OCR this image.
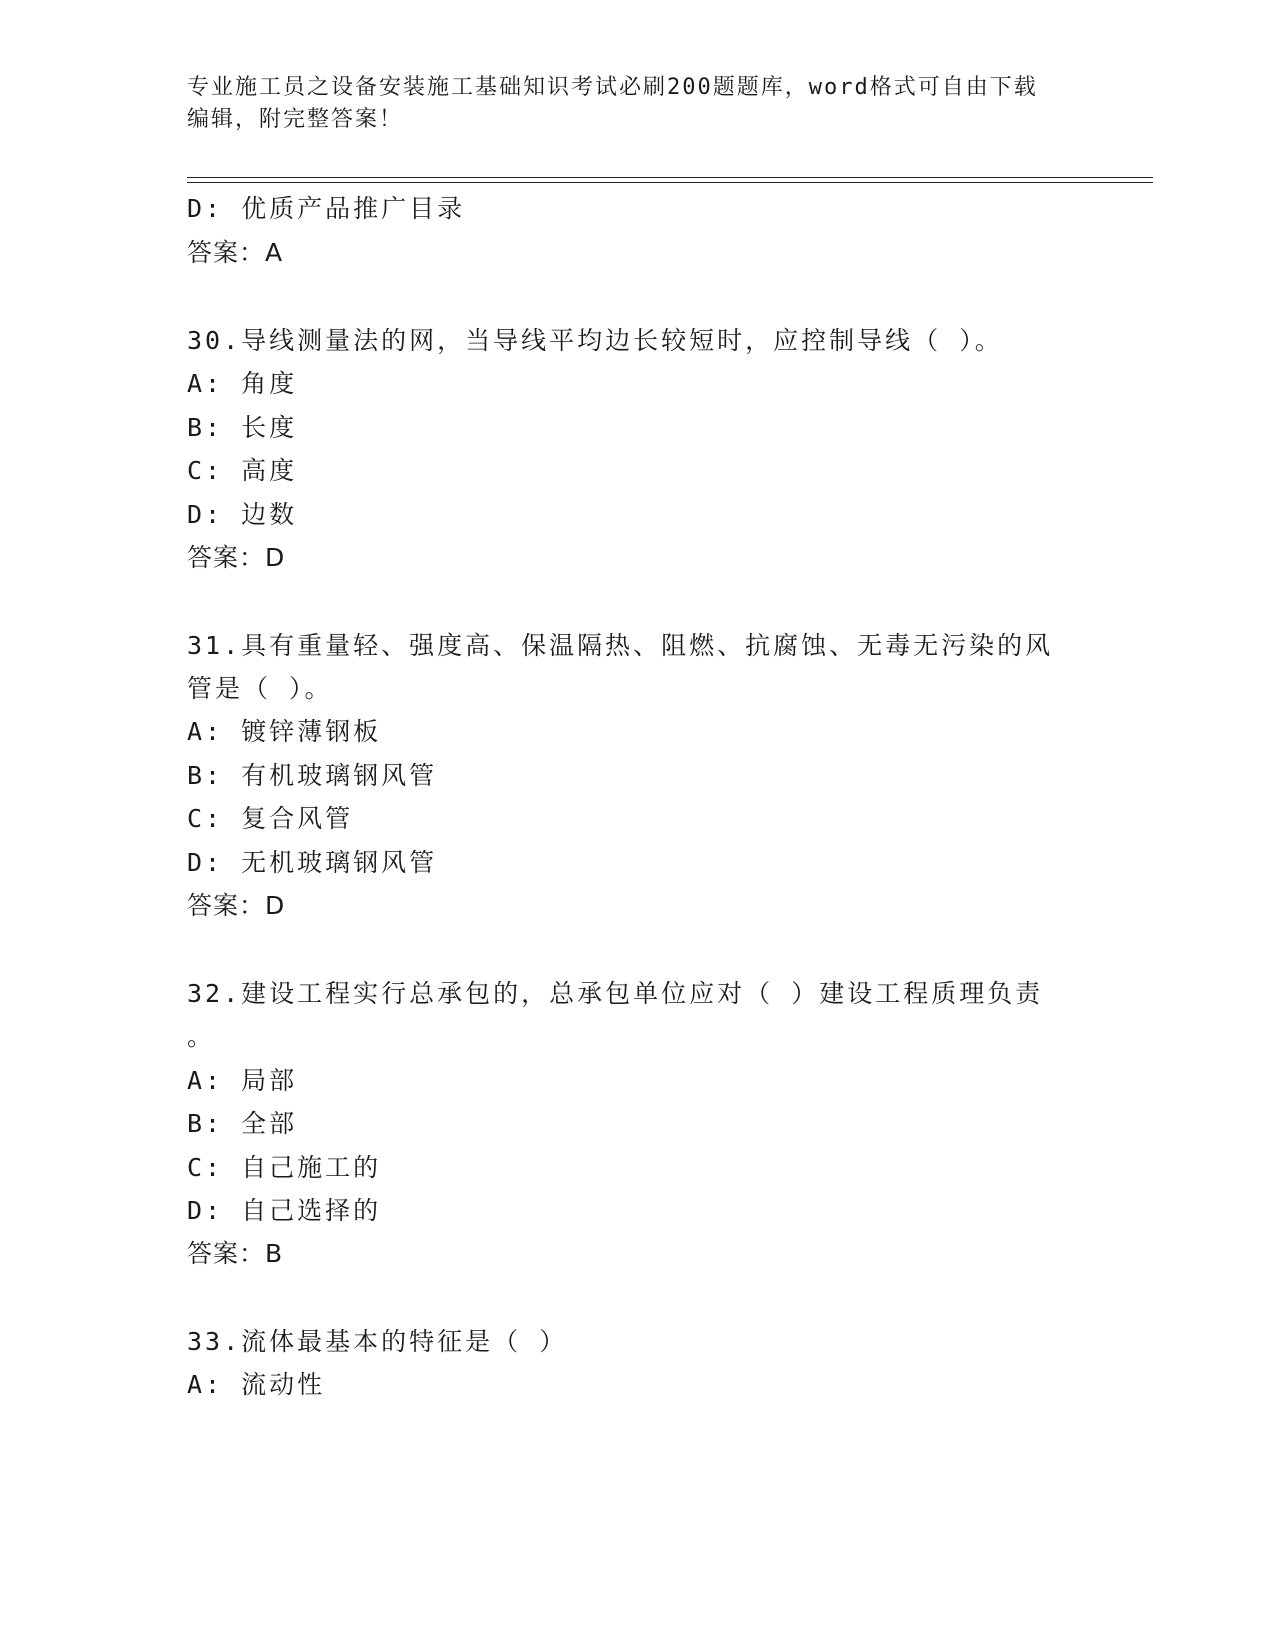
专业施工员之设备安装施工基础知识考试必刷200题题库，word格式可自由下载
编辑，附完整答案！
D: 优质产品推广目录
答案：A
30.导线测量法的网，当导线平均边长较短时，应控制导线（ ）。
A: 角度
B: 长度
C: 高度
D: 边数
答案：D
31.具有重量轻、强度高、保温隔热、阻燃、抗腐蚀、无毒无污染的风
管是（ ）。
A: 镀锌薄钢板
B: 有机玻璃钢风管
C: 复合风管
D: 无机玻璃钢风管
答案：D
32.建设工程实行总承包的，总承包单位应对（ ）建设工程质理负责
。
A: 局部
B: 全部
C: 自己施工的
D: 自己选择的
答案：B
33.流体最基本的特征是（ ）
A: 流动性
